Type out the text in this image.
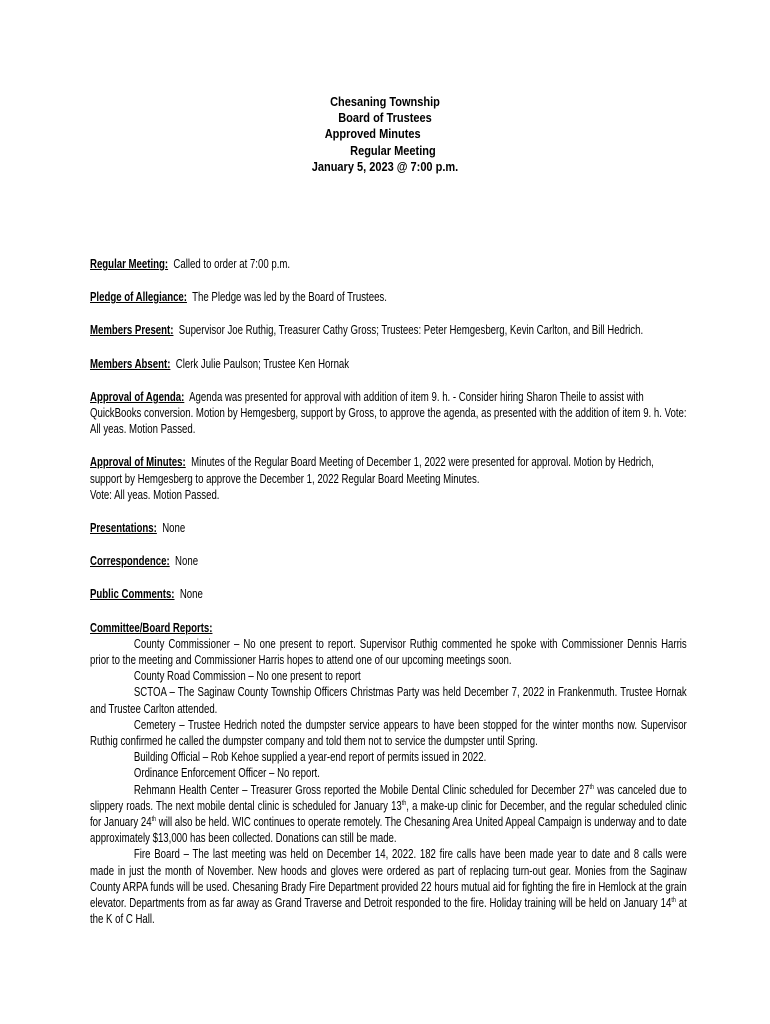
Chesaning Township
Board of Trustees
Approved Minutes
Regular Meeting
January 5, 2023 @ 7:00 p.m.

Regular Meeting: Called to order at 7:00 p.m.

Pledge of Allegiance: The Pledge was led by the Board of Trustees.

Members Present: Supervisor Joe Ruthig, Treasurer Cathy Gross; Trustees: Peter Hemgesberg, Kevin Carlton, and Bill Hedrich.

Members Absent: Clerk Julie Paulson; Trustee Ken Hornak

Approval of Agenda: Agenda was presented for approval with addition of item 9. h. - Consider hiring Sharon Theile to assist with QuickBooks conversion. Motion by Hemgesberg, support by Gross, to approve the agenda, as presented with the addition of item 9. h. Vote: All yeas. Motion Passed.

Approval of Minutes: Minutes of the Regular Board Meeting of December 1, 2022 were presented for approval. Motion by Hedrich, support by Hemgesberg to approve the December 1, 2022 Regular Board Meeting Minutes.
Vote: All yeas. Motion Passed.

Presentations: None

Correspondence: None

Public Comments: None

Committee/Board Reports:
County Commissioner – No one present to report. Supervisor Ruthig commented he spoke with Commissioner Dennis Harris prior to the meeting and Commissioner Harris hopes to attend one of our upcoming meetings soon.
County Road Commission – No one present to report
SCTOA – The Saginaw County Township Officers Christmas Party was held December 7, 2022 in Frankenmuth. Trustee Hornak and Trustee Carlton attended.
Cemetery – Trustee Hedrich noted the dumpster service appears to have been stopped for the winter months now. Supervisor Ruthig confirmed he called the dumpster company and told them not to service the dumpster until Spring.
Building Official – Rob Kehoe supplied a year-end report of permits issued in 2022.
Ordinance Enforcement Officer – No report.
Rehmann Health Center – Treasurer Gross reported the Mobile Dental Clinic scheduled for December 27th was canceled due to slippery roads. The next mobile dental clinic is scheduled for January 13th, a make-up clinic for December, and the regular scheduled clinic for January 24th will also be held. WIC continues to operate remotely. The Chesaning Area United Appeal Campaign is underway and to date approximately $13,000 has been collected. Donations can still be made.
Fire Board – The last meeting was held on December 14, 2022. 182 fire calls have been made year to date and 8 calls were made in just the month of November. New hoods and gloves were ordered as part of replacing turn-out gear. Monies from the Saginaw County ARPA funds will be used. Chesaning Brady Fire Department provided 22 hours mutual aid for fighting the fire in Hemlock at the grain elevator. Departments from as far away as Grand Traverse and Detroit responded to the fire. Holiday training will be held on January 14th at the K of C Hall.
